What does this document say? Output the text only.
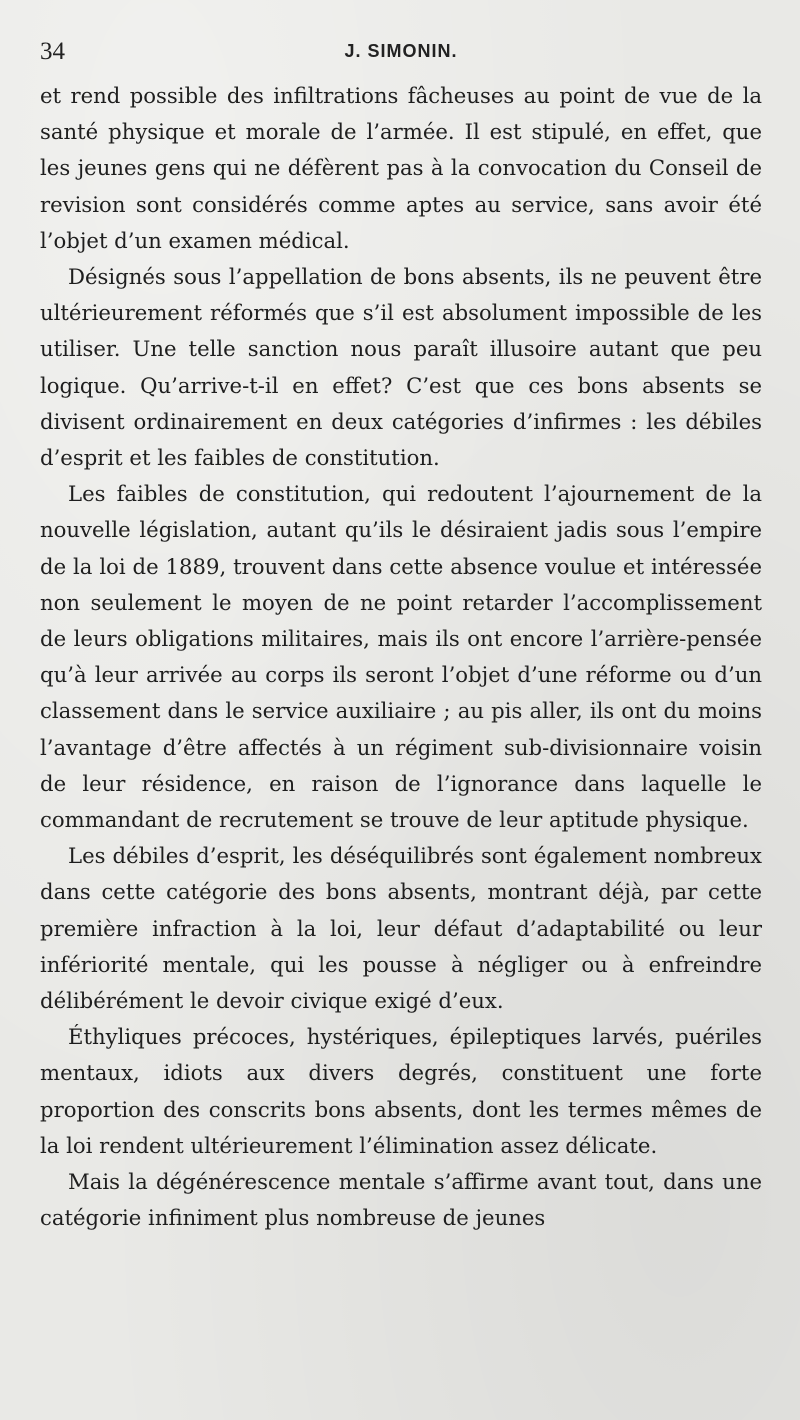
34	J. SIMONIN.

et rend possible des infiltrations fâcheuses au point de vue de la santé physique et morale de l’armée. Il est stipulé, en effet, que les jeunes gens qui ne défèrent pas à la convocation du Conseil de revision sont considérés comme aptes au service, sans avoir été l’objet d’un examen médical.

Désignés sous l’appellation de bons absents, ils ne peuvent être ultérieurement réformés que s’il est absolument impossible de les utiliser. Une telle sanction nous paraît illusoire autant que peu logique. Qu’arrive-t-il en effet? C’est que ces bons absents se divisent ordinairement en deux catégories d’infirmes : les débiles d’esprit et les faibles de constitution.

Les faibles de constitution, qui redoutent l’ajournement de la nouvelle législation, autant qu’ils le désiraient jadis sous l’empire de la loi de 1889, trouvent dans cette absence voulue et intéressée non seulement le moyen de ne point retarder l’accomplissement de leurs obligations militaires, mais ils ont encore l’arrière-pensée qu’à leur arrivée au corps ils seront l’objet d’une réforme ou d’un classement dans le service auxiliaire ; au pis aller, ils ont du moins l’avantage d’être affectés à un régiment sub-divisionnaire voisin de leur résidence, en raison de l’ignorance dans laquelle le commandant de recrutement se trouve de leur aptitude physique.

Les débiles d’esprit, les déséquilibrés sont également nombreux dans cette catégorie des bons absents, montrant déjà, par cette première infraction à la loi, leur défaut d’adaptabilité ou leur infériorité mentale, qui les pousse à négliger ou à enfreindre délibérément le devoir civique exigé d’eux.

Éthyliques précoces, hystériques, épileptiques larvés, puériles mentaux, idiots aux divers degrés, constituent une forte proportion des conscrits bons absents, dont les termes mêmes de la loi rendent ultérieurement l’élimination assez délicate.

Mais la dégénérescence mentale s’affirme avant tout, dans une catégorie infiniment plus nombreuse de jeunes
